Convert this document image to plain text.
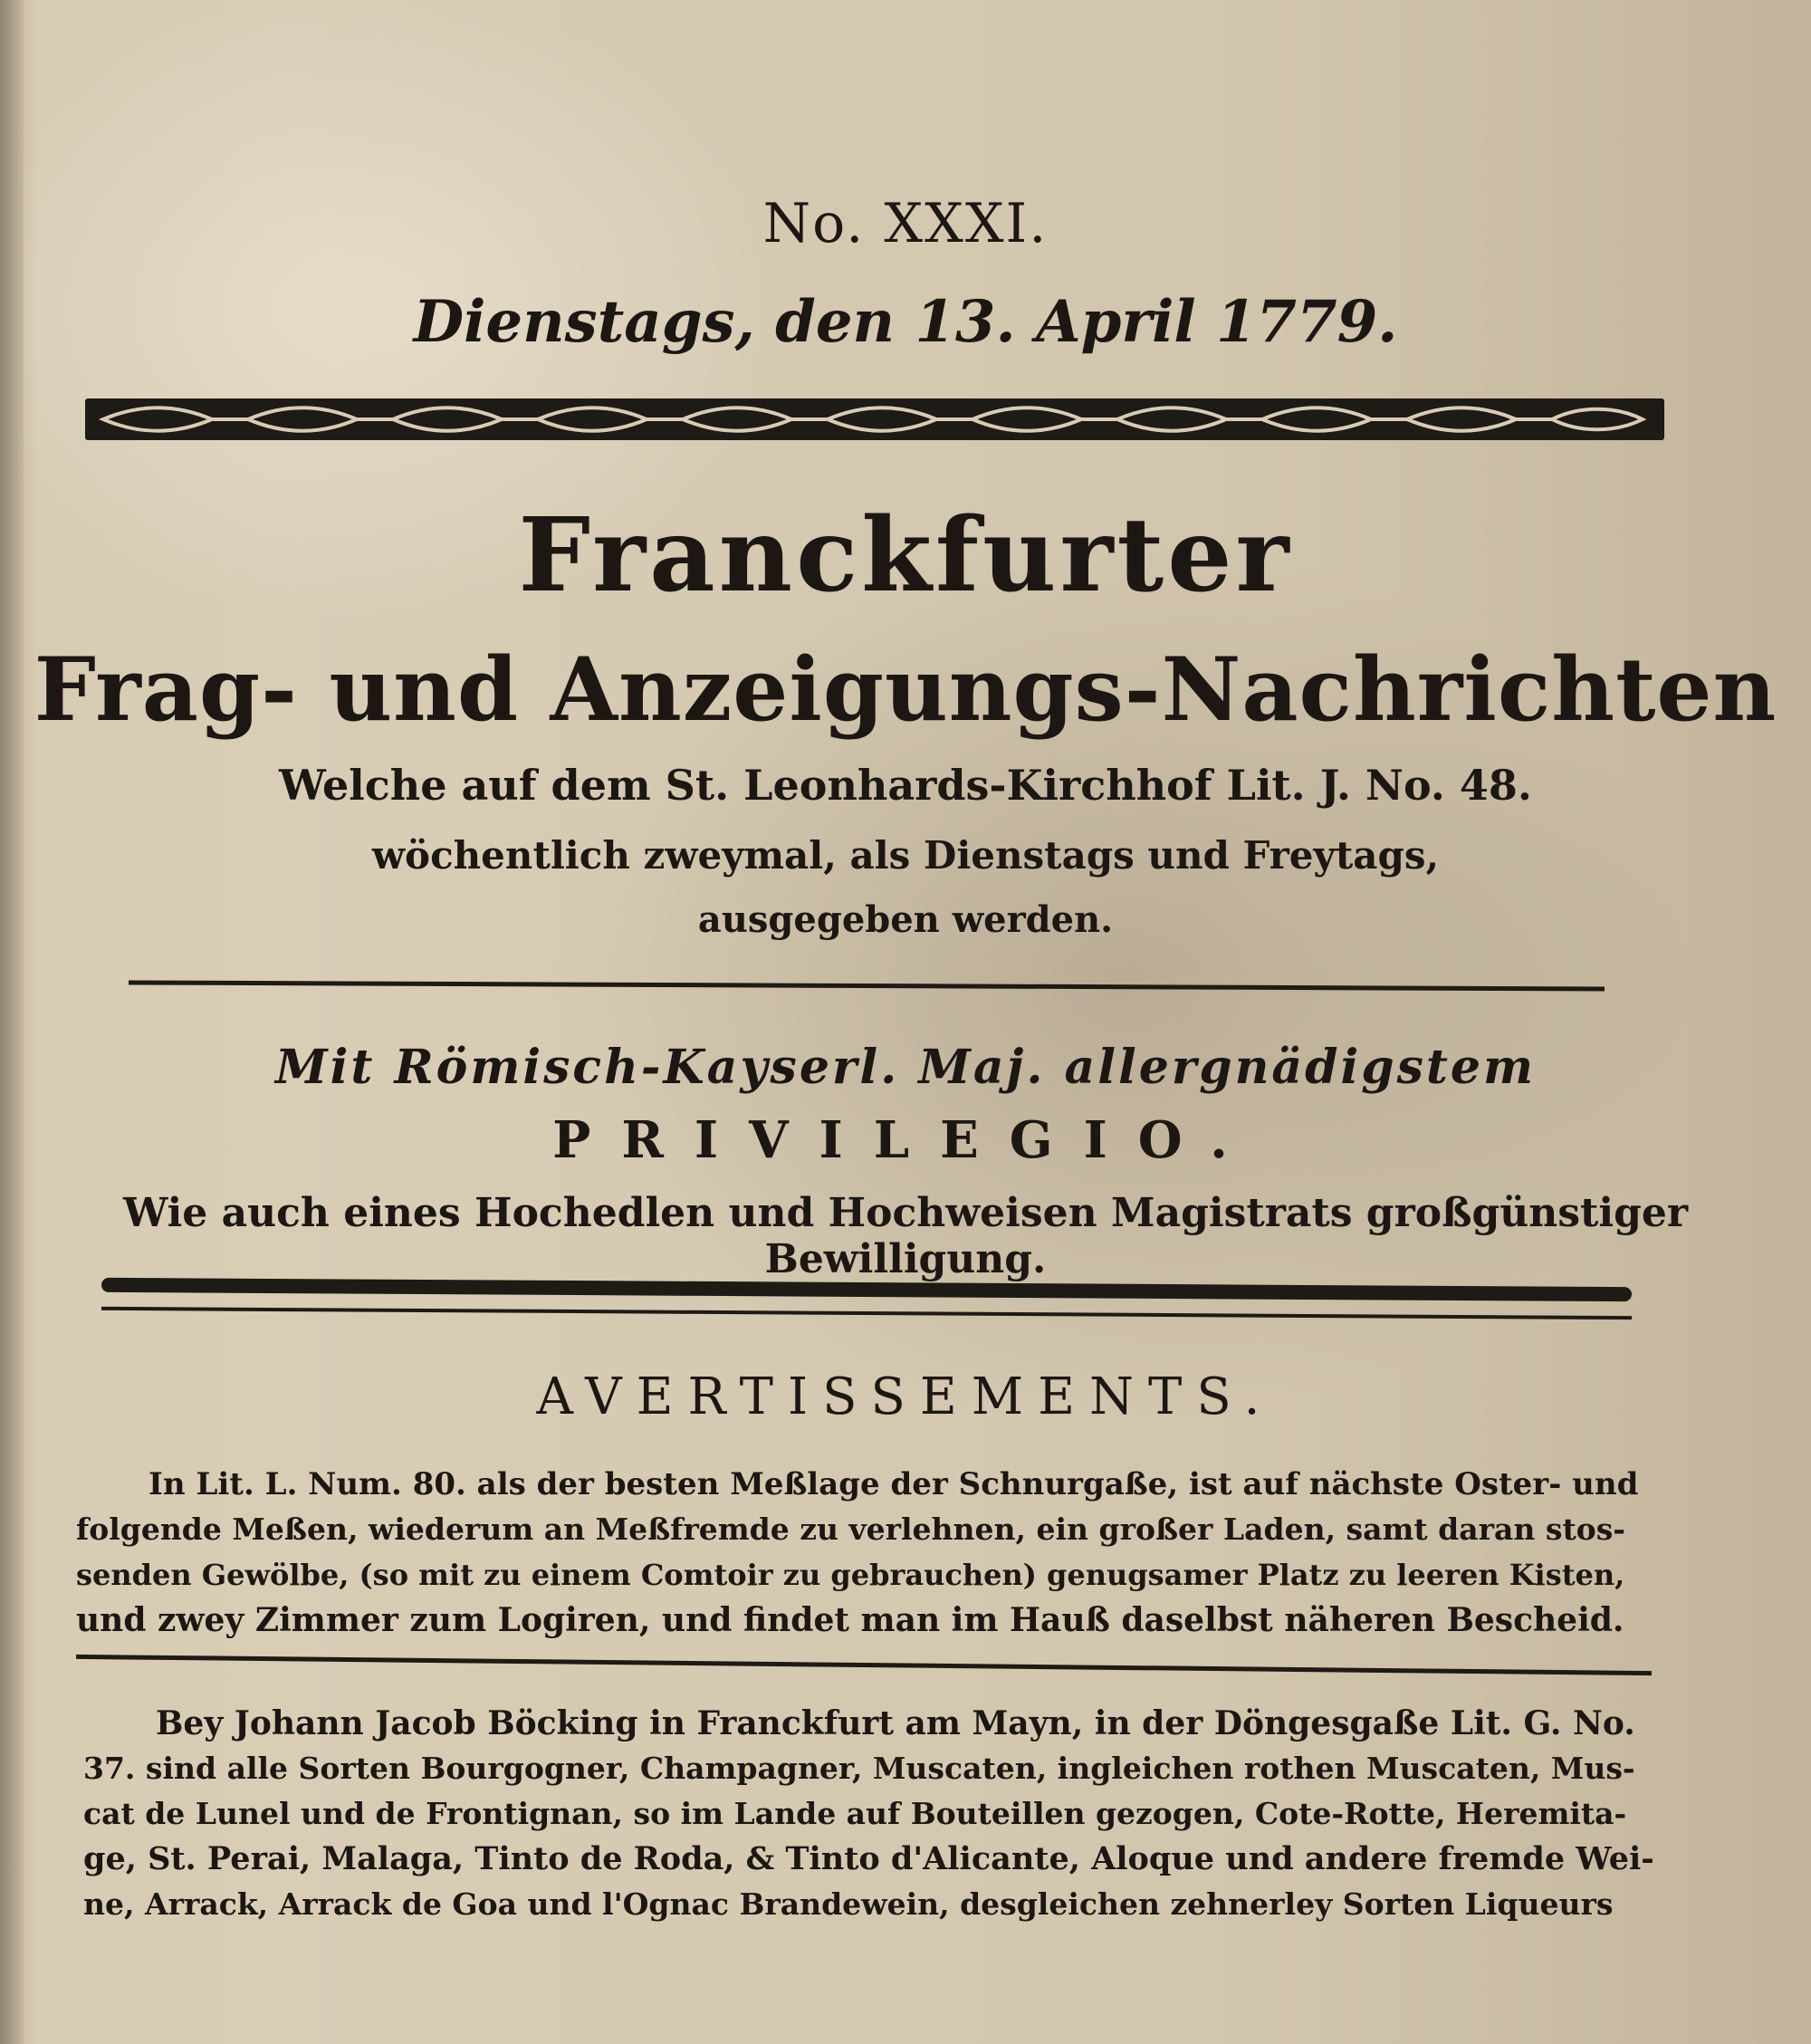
No. XXXI.
Dienstags, den 13. April 1779.
Franckfurter
Frag- und Anzeigungs-Nachrichten
Welche auf dem St. Leonhards-Kirchhof Lit. J. No. 48.
wöchentlich zweymal, als Dienstags und Freytags,
ausgegeben werden.
Mit Römisch-Kayserl. Maj. allergnädigstem
PRIVILEGIO.
Wie auch eines Hochedlen und Hochweisen Magistrats großgünstiger Bewilligung.
AVERTISSEMENTS.
In Lit. L. Num. 80. als der besten Meßlage der Schnurgaße, ist auf nächste Oster- und
folgende Meßen, wiederum an Meßfremde zu verlehnen, ein großer Laden, samt daran stos-
senden Gewölbe, (so mit zu einem Comtoir zu gebrauchen) genugsamer Platz zu leeren Kisten,
und zwey Zimmer zum Logiren, und findet man im Hauß daselbst näheren Bescheid.
Bey Johann Jacob Böcking in Franckfurt am Mayn, in der Döngesgaße Lit. G. No.
37. sind alle Sorten Bourgogner, Champagner, Muscaten, ingleichen rothen Muscaten, Mus-
cat de Lunel und de Frontignan, so im Lande auf Bouteillen gezogen, Cote-Rotte, Heremita-
ge, St. Perai, Malaga, Tinto de Roda, & Tinto d'Alicante, Aloque und andere fremde Wei-
ne, Arrack, Arrack de Goa und l'Ognac Brandewein, desgleichen zehnerley Sorten Liqueurs
